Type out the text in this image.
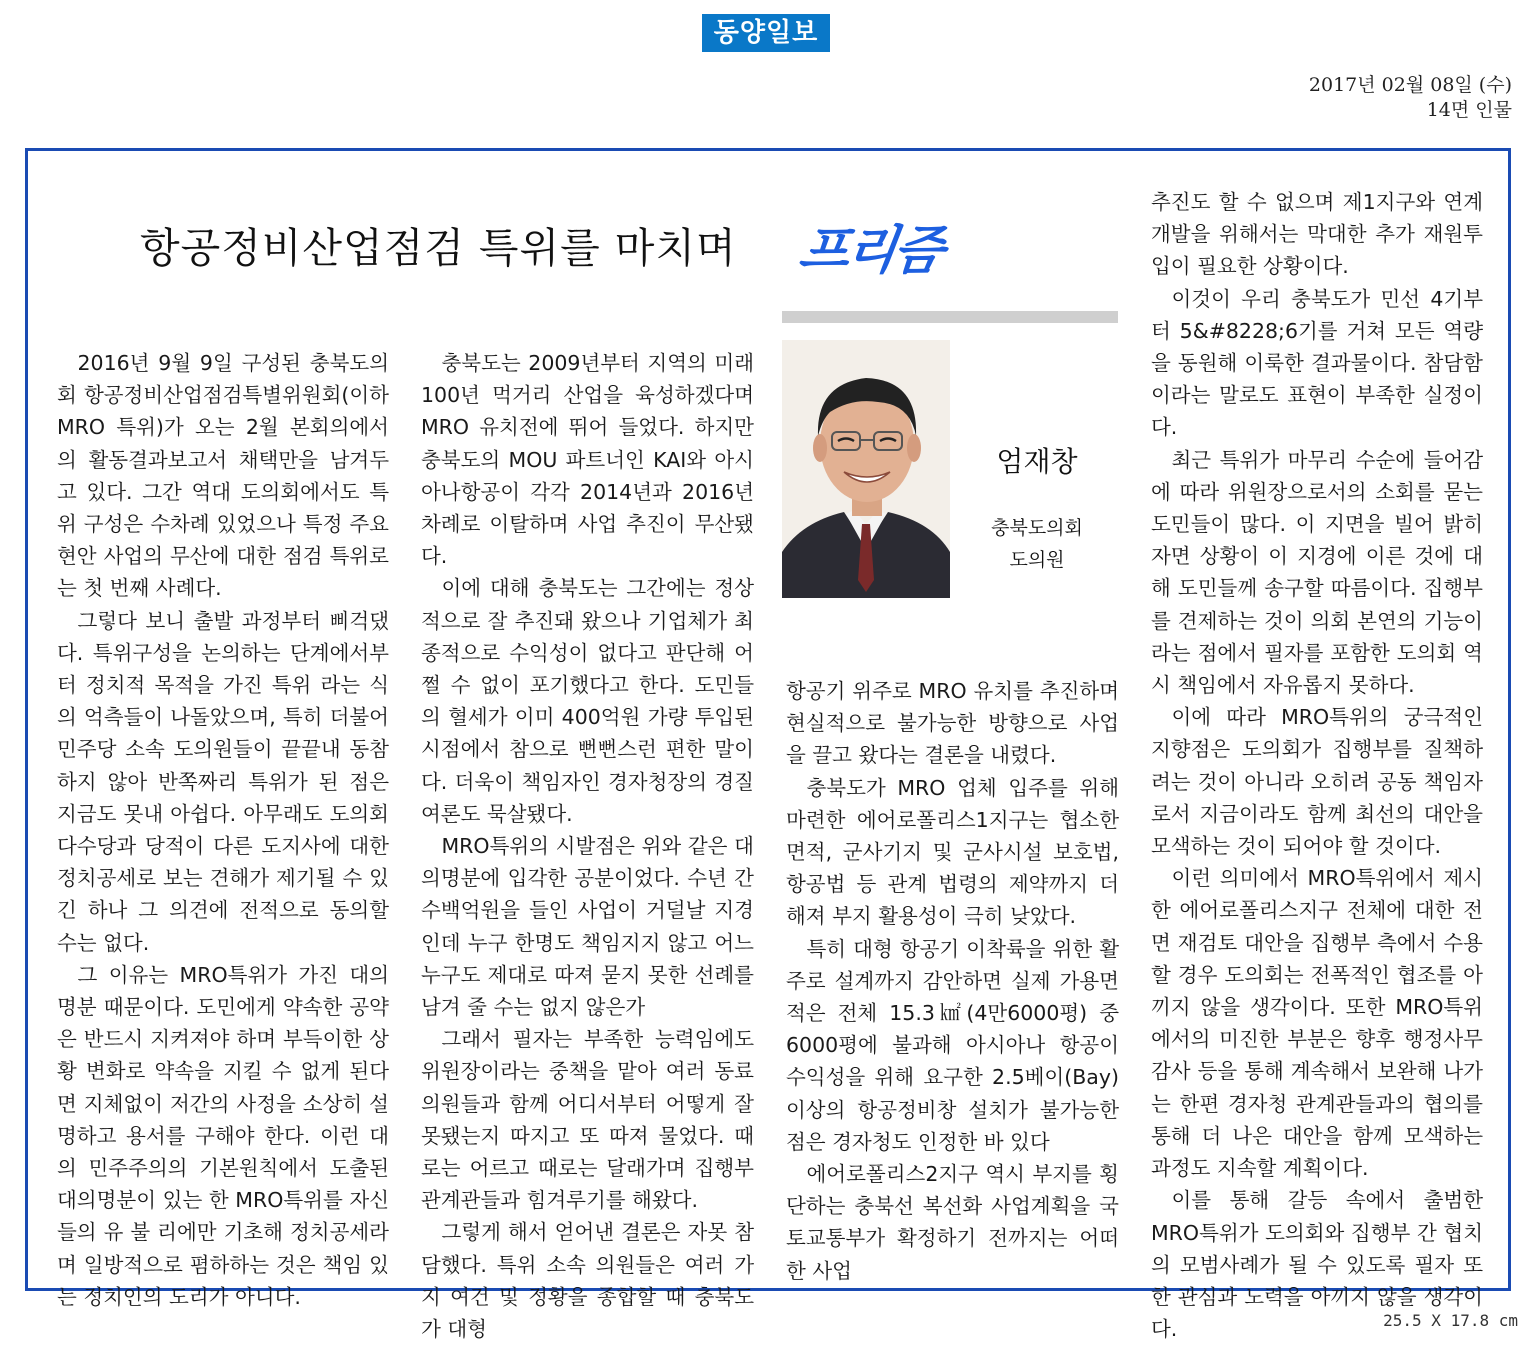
동양일보
2017년 02월 08일 (수)
14면 인물
항공정비산업점검 특위를 마치며 프리즘
엄재창
충북도의회
도의원

2016년 9월 9일 구성된 충북도의회 항공정비산업점검특별위원회(이하 MRO 특위)가 오는 2월 본회의에서의 활동결과보고서 채택만을 남겨두고 있다. 그간 역대 도의회에서도 특위 구성은 수차례 있었으나 특정 주요현안 사업의 무산에 대한 점검 특위로는 첫 번째 사례다.

그렇다 보니 출발 과정부터 삐걱댔다. 특위구성을 논의하는 단계에서부터 정치적 목적을 가진 특위 라는 식의 억측들이 나돌았으며, 특히 더불어민주당 소속 도의원들이 끝끝내 동참하지 않아 반쪽짜리 특위가 된 점은 지금도 못내 아쉽다. 아무래도 도의회 다수당과 당적이 다른 도지사에 대한 정치공세로 보는 견해가 제기될 수 있긴 하나 그 의견에 전적으로 동의할 수는 없다.

그 이유는 MRO특위가 가진 대의명분 때문이다. 도민에게 약속한 공약은 반드시 지켜져야 하며 부득이한 상황 변화로 약속을 지킬 수 없게 된다면 지체없이 저간의 사정을 소상히 설명하고 용서를 구해야 한다. 이런 대의 민주주의의 기본원칙에서 도출된 대의명분이 있는 한 MRO특위를 자신들의 유 불 리에만 기초해 정치공세라며 일방적으로 폄하하는 것은 책임 있는 정치인의 도리가 아니다.

충북도는 2009년부터 지역의 미래 100년 먹거리 산업을 육성하겠다며 MRO 유치전에 뛰어 들었다. 하지만 충북도의 MOU 파트너인 KAI와 아시아나항공이 각각 2014년과 2016년 차례로 이탈하며 사업 추진이 무산됐다.

이에 대해 충북도는 그간에는 정상적으로 잘 추진돼 왔으나 기업체가 최종적으로 수익성이 없다고 판단해 어쩔 수 없이 포기했다고 한다. 도민들의 혈세가 이미 400억원 가량 투입된 시점에서 참으로 뻔뻔스런 편한 말이다. 더욱이 책임자인 경자청장의 경질 여론도 묵살됐다.

MRO특위의 시발점은 위와 같은 대의명분에 입각한 공분이었다. 수년 간 수백억원을 들인 사업이 거덜날 지경인데 누구 한명도 책임지지 않고 어느 누구도 제대로 따져 묻지 못한 선례를 남겨 줄 수는 없지 않은가

그래서 필자는 부족한 능력임에도 위원장이라는 중책을 맡아 여러 동료의원들과 함께 어디서부터 어떻게 잘못됐는지 따지고 또 따져 물었다. 때로는 어르고 때로는 달래가며 집행부 관계관들과 힘겨루기를 해왔다.

그렇게 해서 얻어낸 결론은 자못 참담했다. 특위 소속 의원들은 여러 가지 여건 및 정황을 종합할 때 충북도가 대형

항공기 위주로 MRO 유치를 추진하며 현실적으로 불가능한 방향으로 사업을 끌고 왔다는 결론을 내렸다.

충북도가 MRO 업체 입주를 위해 마련한 에어로폴리스1지구는 협소한 면적, 군사기지 및 군사시설 보호법, 항공법 등 관계 법령의 제약까지 더 해져 부지 활용성이 극히 낮았다.

특히 대형 항공기 이착륙을 위한 활주로 설계까지 감안하면 실제 가용면적은 전체 15.3㎢(4만6000평) 중 6000평에 불과해 아시아나 항공이 수익성을 위해 요구한 2.5베이(Bay) 이상의 항공정비창 설치가 불가능한 점은 경자청도 인정한 바 있다

에어로폴리스2지구 역시 부지를 횡단하는 충북선 복선화 사업계획을 국토교통부가 확정하기 전까지는 어떠한 사업

추진도 할 수 없으며 제1지구와 연계 개발을 위해서는 막대한 추가 재원투입이 필요한 상황이다.

이것이 우리 충북도가 민선 4기부터 5&#8228;6기를 거쳐 모든 역량을 동원해 이룩한 결과물이다. 참담함이라는 말로도 표현이 부족한 실정이다.

최근 특위가 마무리 수순에 들어감에 따라 위원장으로서의 소회를 묻는 도민들이 많다. 이 지면을 빌어 밝히자면 상황이 이 지경에 이른 것에 대해 도민들께 송구할 따름이다. 집행부를 견제하는 것이 의회 본연의 기능이라는 점에서 필자를 포함한 도의회 역시 책임에서 자유롭지 못하다.

이에 따라 MRO특위의 궁극적인 지향점은 도의회가 집행부를 질책하려는 것이 아니라 오히려 공동 책임자로서 지금이라도 함께 최선의 대안을 모색하는 것이 되어야 할 것이다.

이런 의미에서 MRO특위에서 제시한 에어로폴리스지구 전체에 대한 전면 재검토 대안을 집행부 측에서 수용할 경우 도의회는 전폭적인 협조를 아끼지 않을 생각이다. 또한 MRO특위에서의 미진한 부분은 향후 행정사무 감사 등을 통해 계속해서 보완해 나가는 한편 경자청 관계관들과의 협의를 통해 더 나은 대안을 함께 모색하는 과정도 지속할 계획이다.

이를 통해 갈등 속에서 출범한 MRO특위가 도의회와 집행부 간 협치의 모범사례가 될 수 있도록 필자 또한 관심과 노력을 아끼지 않을 생각이다.	25.5 X 17.8 cm
